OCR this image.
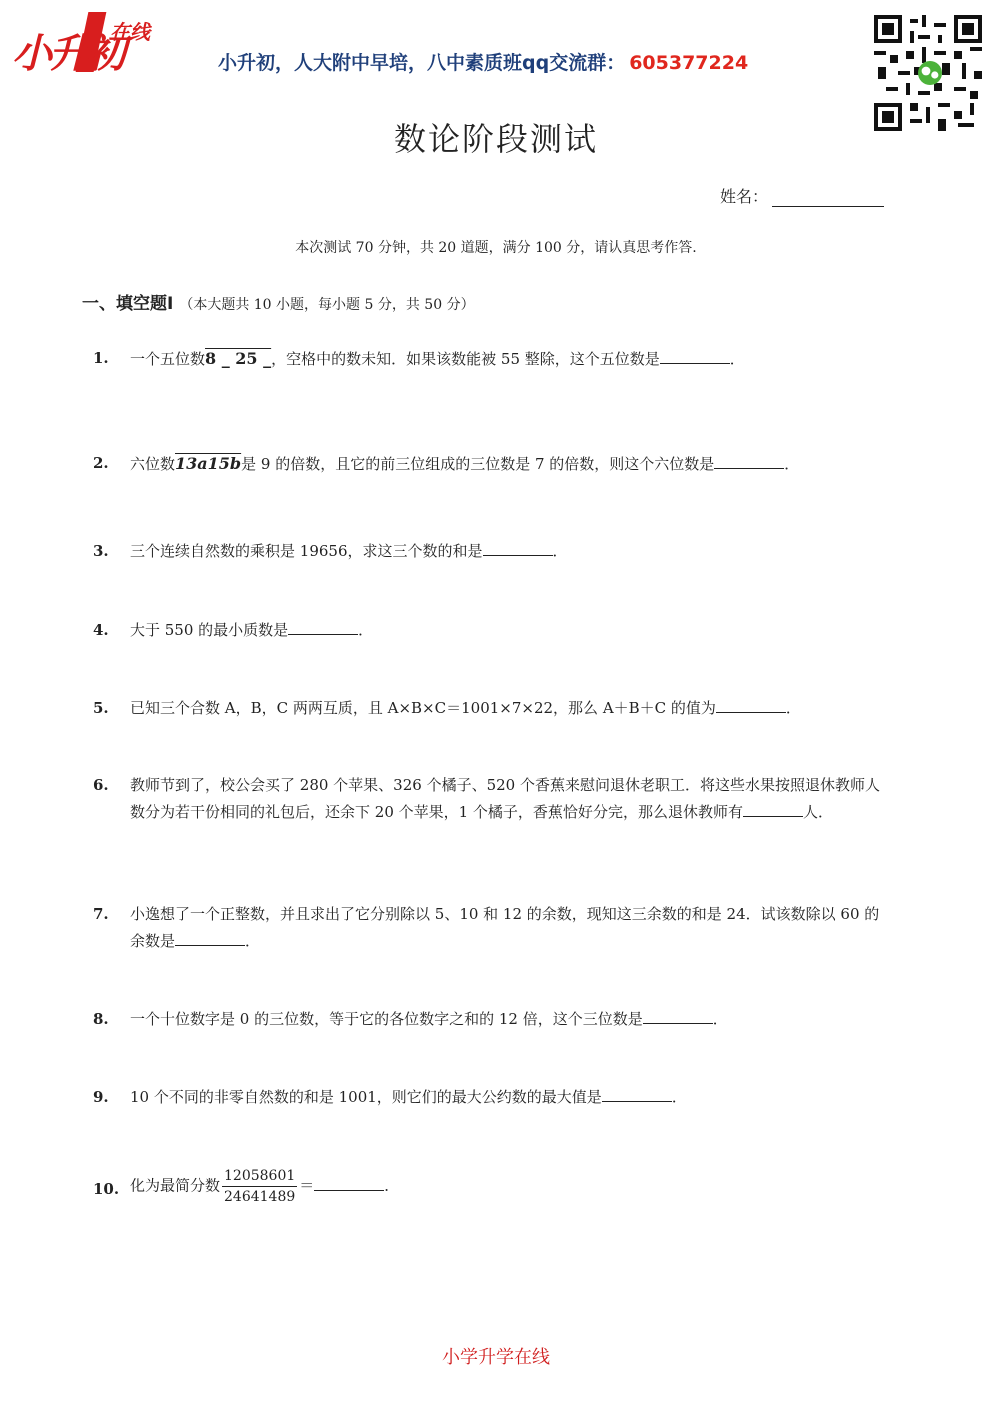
小升初
在线
小升初，人大附中早培，八中素质班qq交流群： 605377224
数论阶段测试
姓名：
本次测试 70 分钟，共 20 道题，满分 100 分，请认真思考作答.
一、填空题Ⅰ （本大题共 10 小题，每小题 5 分，共 50 分）
1. 一个五位数8 _ 25 _，空格中的数未知．如果该数能被 55 整除，这个五位数是	．
2. 六位数13a15b是 9 的倍数，且它的前三位组成的三位数是 7 的倍数，则这个六位数是	．
3. 三个连续自然数的乘积是 19656，求这三个数的和是	．
4. 大于 550 的最小质数是	．
5. 已知三个合数 A，B，C 两两互质，且 A×B×C＝1001×7×22，那么 A＋B＋C 的值为	．
6. 教师节到了，校公会买了 280 个苹果、326 个橘子、520 个香蕉来慰问退休老职工．将这些水果按照退休教师人数分为若干份相同的礼包后，还余下 20 个苹果，1 个橘子，香蕉恰好分完，那么退休教师有	人．
7. 小逸想了一个正整数，并且求出了它分别除以 5、10 和 12 的余数，现知这三余数的和是 24．试该数除以 60 的余数是	．
8. 一个十位数字是 0 的三位数，等于它的各位数字之和的 12 倍，这个三位数是	．
9. 10 个不同的非零自然数的和是 1001，则它们的最大公约数的最大值是	．
10. 化为最简分数 $\frac{12058601}{24641489}$ ＝	．
小学升学在线
